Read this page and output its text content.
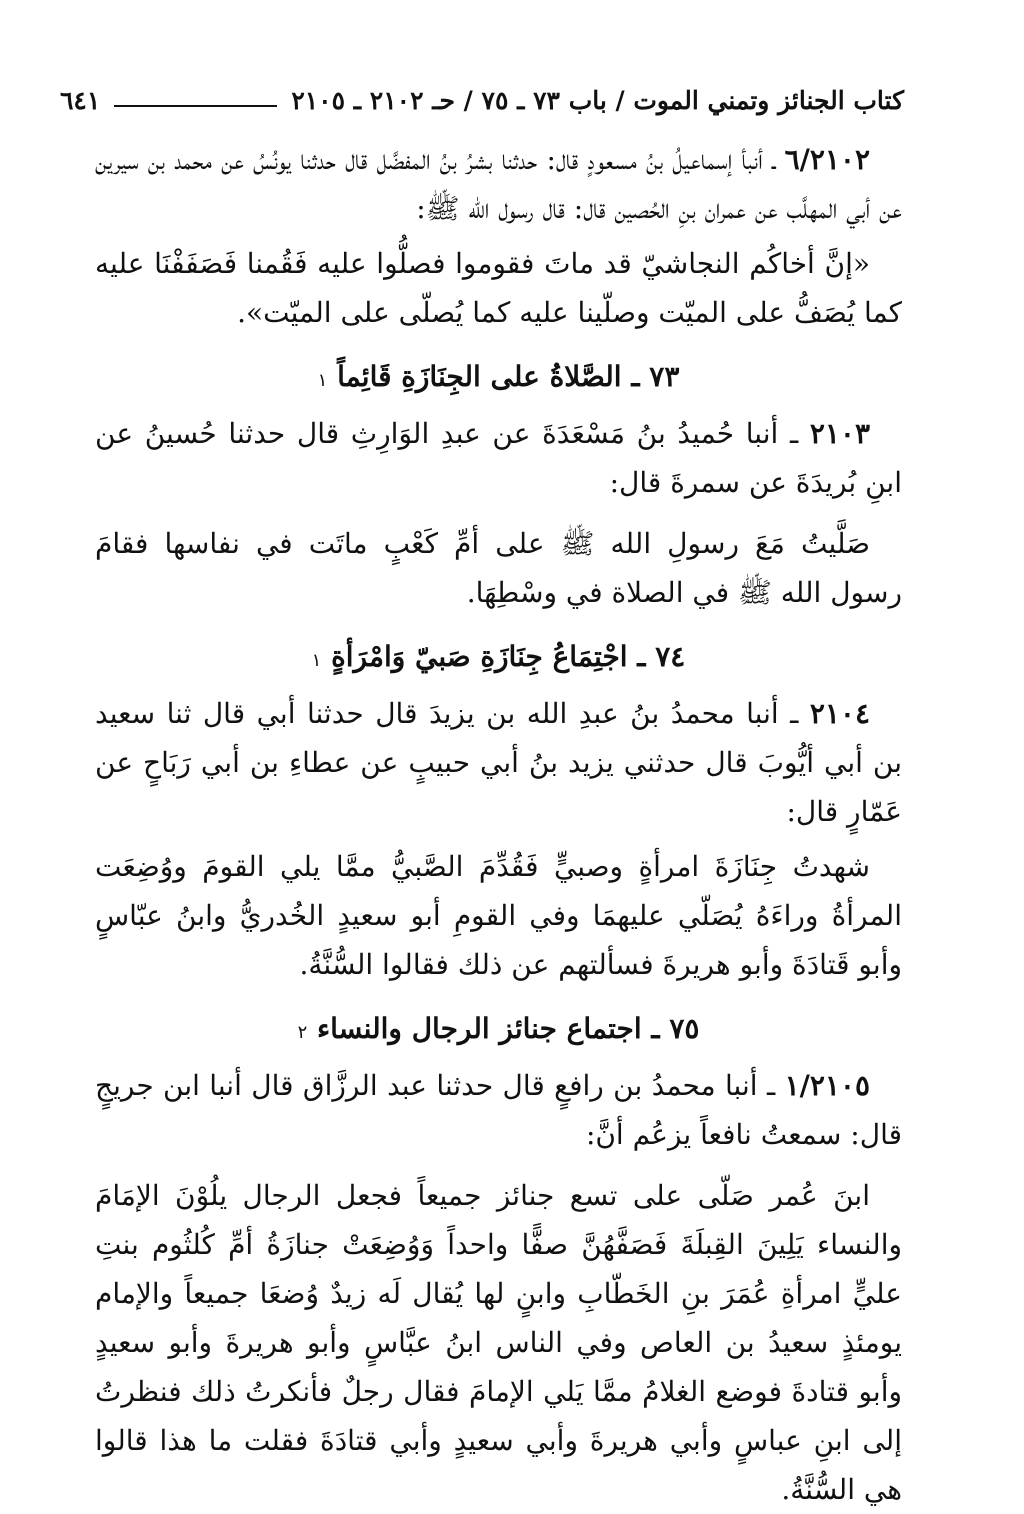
كتاب الجنائز وتمني الموت / باب ٧٣ ـ ٧٥ / حـ ٢١٠٢ ـ ٢١٠٥
٦٤١

٦/٢١٠٢ ـ أنبأ إسماعيلُ بنُ مسعودٍ قال: حدثنا بشرُ بنُ المفضَّل قال حدثنا يونُسُ عن محمد بن سيرين عن أبي المهلَّب عن عمران بنِ الحُصين قال: قال رسول الله ﷺ:

«إنَّ أخاكُم النجاشيّ قد ماتَ فقوموا فصلُّوا عليه فَقُمنا فَصَفَفْنَا عليه كما يُصَفُّ على الميّت وصلّينا عليه كما يُصلّى على الميّت».

٧٣ ـ الصَّلاةُ على الجِنَازَةِ قَائِماً ١

٢١٠٣ ـ أنبا حُميدُ بنُ مَسْعَدَةَ عن عبدِ الوَارِثِ قال حدثنا حُسينُ عن ابنِ بُريدَةَ عن سمرةَ قال:

صَلَّيتُ مَعَ رسولِ الله ﷺ على أمِّ كَعْبٍ ماتَت في نفاسها فقامَ رسول الله ﷺ في الصلاة في وسْطِهَا.

٧٤ ـ اجْتِمَاعُ جِنَازَةِ صَبيّ وَامْرَأةٍ ١

٢١٠٤ ـ أنبا محمدُ بنُ عبدِ الله بن يزيدَ قال حدثنا أبي قال ثنا سعيد بن أبي أيُّوبَ قال حدثني يزيد بنُ أبي حبيبٍ عن عطاءِ بن أبي رَبَاحٍ عن عَمّارٍ قال:

شهدتُ جِنَازَةَ امرأةٍ وصبيٍّ فَقُدِّمَ الصَّبيُّ ممَّا يلي القومَ ووُضِعَت المرأةُ وراءَهُ يُصَلّي عليهمَا وفي القومِ أبو سعيدٍ الخُدريُّ وابنُ عبّاسٍ وأبو قَتادَةَ وأبو هريرةَ فسألتهم عن ذلك فقالوا السُّنَّةُ.

٧٥ ـ اجتماع جنائز الرجال والنساء ٢

١/٢١٠٥ ـ أنبا محمدُ بن رافعٍ قال حدثنا عبد الرزَّاق قال أنبا ابن جريجٍ قال: سمعتُ نافعاً يزعُم أنَّ:

ابنَ عُمر صَلّى على تسع جنائز جميعاً فجعل الرجال يلُوْنَ الإمَامَ والنساء يَلِينَ القِبلَةَ فَصَفَّهُنَّ صفًّا واحداً وَوُضِعَتْ جنازَةُ أمِّ كُلثُوم بنتِ عليٍّ امرأةِ عُمَرَ بنِ الخَطّابِ وابنٍ لها يُقال لَه زيدٌ وُضعَا جميعاً والإمام يومئذٍ سعيدُ بن العاص وفي الناس ابنُ عبَّاسٍ وأبو هريرةَ وأبو سعيدٍ وأبو قتادةَ فوضع الغلامُ ممَّا يَلي الإمامَ فقال رجلٌ فأنكرتُ ذلك فنظرتُ إلى ابنِ عباسٍ وأبي هريرةَ وأبي سعيدٍ وأبي قتادَةَ فقلت ما هذا قالوا هي السُّنَّةُ.
